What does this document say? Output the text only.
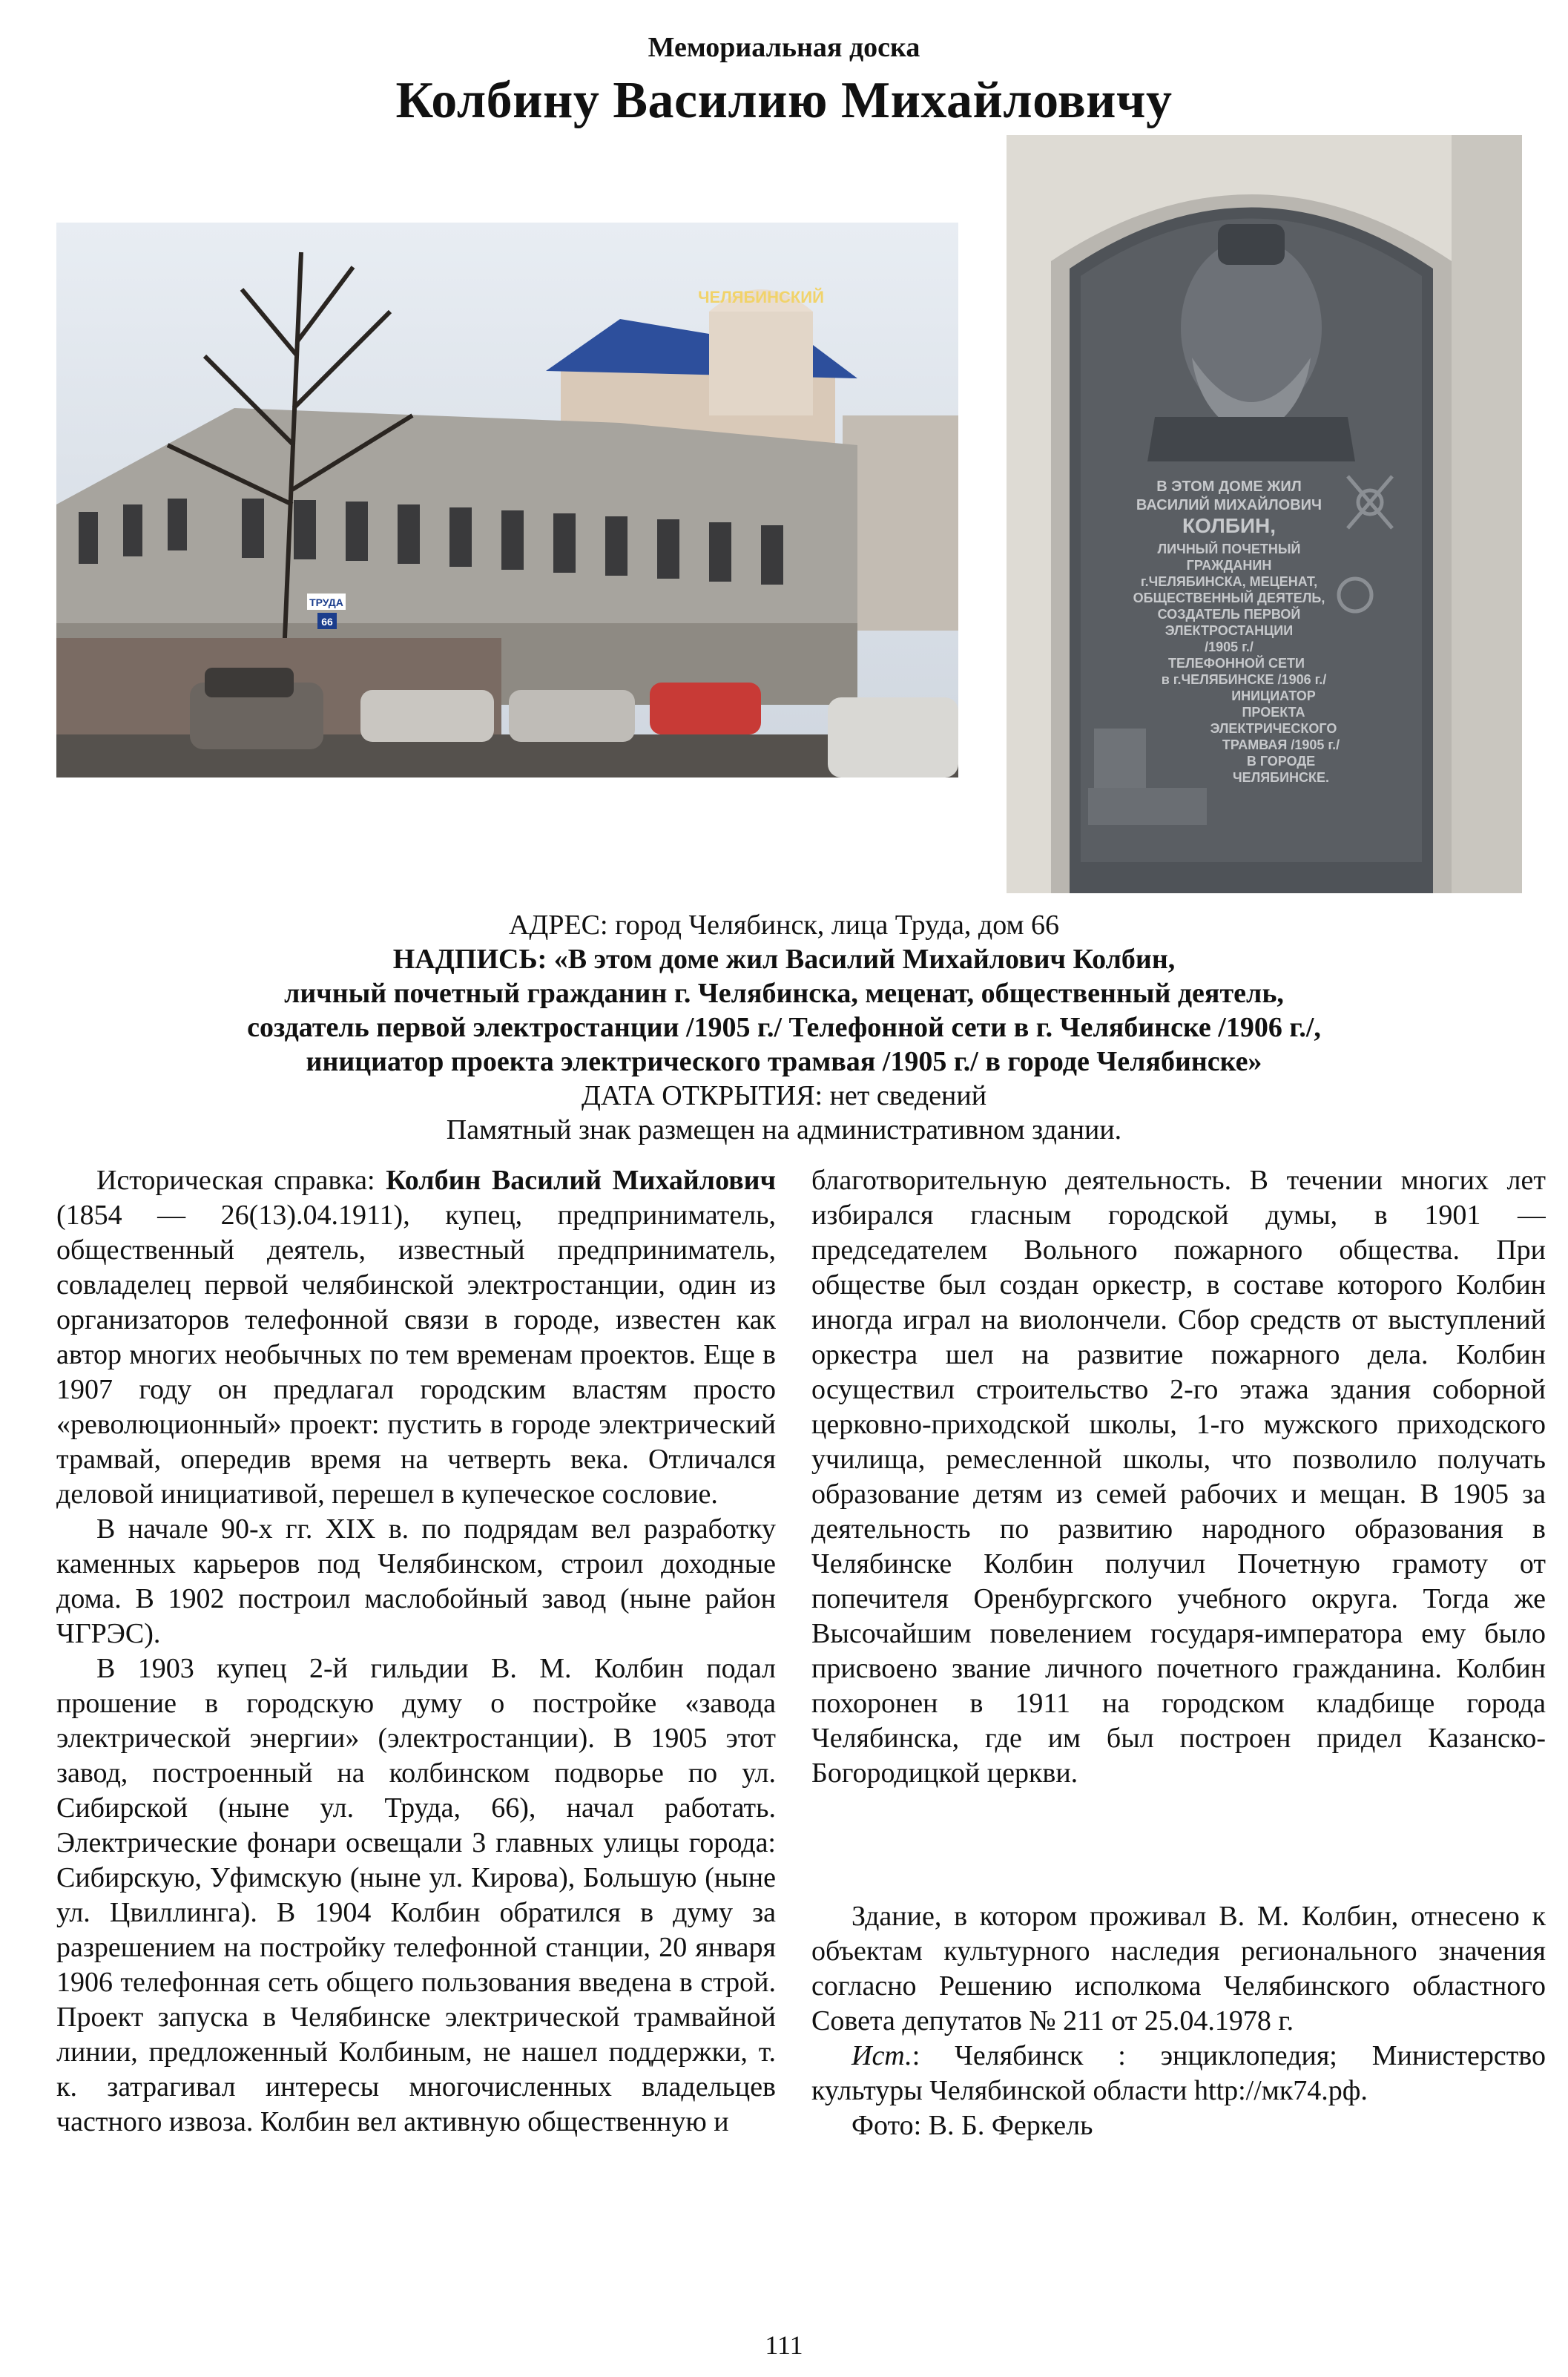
Мемориальная доска
Колбину Василию Михайловичу
ЧЕЛЯБИНСКИЙ
ТРУДА
66
В ЭТОМ ДОМЕ ЖИЛ
ВАСИЛИЙ МИХАЙЛОВИЧ
КОЛБИН,
ЛИЧНЫЙ ПОЧЕТНЫЙ
ГРАЖДАНИН
г.ЧЕЛЯБИНСКА, МЕЦЕНАТ,
ОБЩЕСТВЕННЫЙ ДЕЯТЕЛЬ,
СОЗДАТЕЛЬ ПЕРВОЙ
ЭЛЕКТРОСТАНЦИИ
/1905 г./
ТЕЛЕФОННОЙ СЕТИ
в г.ЧЕЛЯБИНСКЕ /1906 г./
ИНИЦИАТОР
ПРОЕКТА
ЭЛЕКТРИЧЕСКОГО
ТРАМВАЯ /1905 г./
В ГОРОДЕ
ЧЕЛЯБИНСКЕ.
АДРЕС: город Челябинск, лица Труда, дом 66
НАДПИСЬ: «В этом доме жил Василий Михайлович Колбин,
личный почетный гражданин г. Челябинска, меценат, общественный деятель,
создатель первой электростанции /1905 г./ Телефонной сети в г. Челябинске /1906 г./,
инициатор проекта электрического трамвая /1905 г./ в городе Челябинске»
ДАТА ОТКРЫТИЯ: нет сведений
Памятный знак размещен на административном здании.

Историческая справка: Колбин Василий Михайлович (1854 — 26(13).04.1911), купец, предприниматель, общественный деятель, известный предприниматель, совладелец первой челябинской электростанции, один из организаторов телефонной связи в городе, известен как автор многих необычных по тем временам проектов. Еще в 1907 году он предлагал городским властям просто «революционный» проект: пустить в городе электрический трамвай, опередив время на четверть века. Отличался деловой инициативой, перешел в купеческое сословие.

В начале 90-х гг. XIX в. по подрядам вел разработку каменных карьеров под Челябинском, строил доходные дома. В 1902 построил маслобойный завод (ныне район ЧГРЭС).

В 1903 купец 2-й гильдии В. М. Колбин подал прошение в городскую думу о постройке «завода электрической энергии» (электростанции). В 1905 этот завод, построенный на колбинском подворье по ул. Сибирской (ныне ул. Труда, 66), начал работать. Электрические фонари освещали 3 главных улицы города: Сибирскую, Уфимскую (ныне ул. Кирова), Большую (ныне ул. Цвиллинга). В 1904 Колбин обратился в думу за разрешением на постройку телефонной станции, 20 января 1906 телефонная сеть общего пользования введена в строй. Проект запуска в Челябинске электрической трамвайной линии, предложенный Колбиным, не нашел поддержки, т. к. затрагивал интересы многочисленных владельцев частного извоза. Колбин вел активную общественную и

благотворительную деятельность. В течении многих лет избирался гласным городской думы, в 1901 — председателем Вольного пожарного общества. При обществе был создан оркестр, в составе которого Колбин иногда играл на виолончели. Сбор средств от выступлений оркестра шел на развитие пожарного дела. Колбин осуществил строительство 2-го этажа здания соборной церковно-приходской школы, 1-го мужского приходского училища, ремесленной школы, что позволило получать образование детям из семей рабочих и мещан. В 1905 за деятельность по развитию народного образования в Челябинске Колбин получил Почетную грамоту от попечителя Оренбургского учебного округа. Тогда же Высочайшим повелением государя-императора ему было присвоено звание личного почетного гражданина. Колбин похоронен в 1911 на городском кладбище города Челябинска, где им был построен придел Казанско-Богородицкой церкви.

Здание, в котором проживал В. М. Колбин, отнесено к объектам культурного наследия регионального значения согласно Решению исполкома Челябинского областного Совета депутатов № 211 от 25.04.1978 г.

Ист.: Челябинск : энциклопедия; Министерство культуры Челябинской области http://мк74.рф.

Фото: В. Б. Феркель

111
